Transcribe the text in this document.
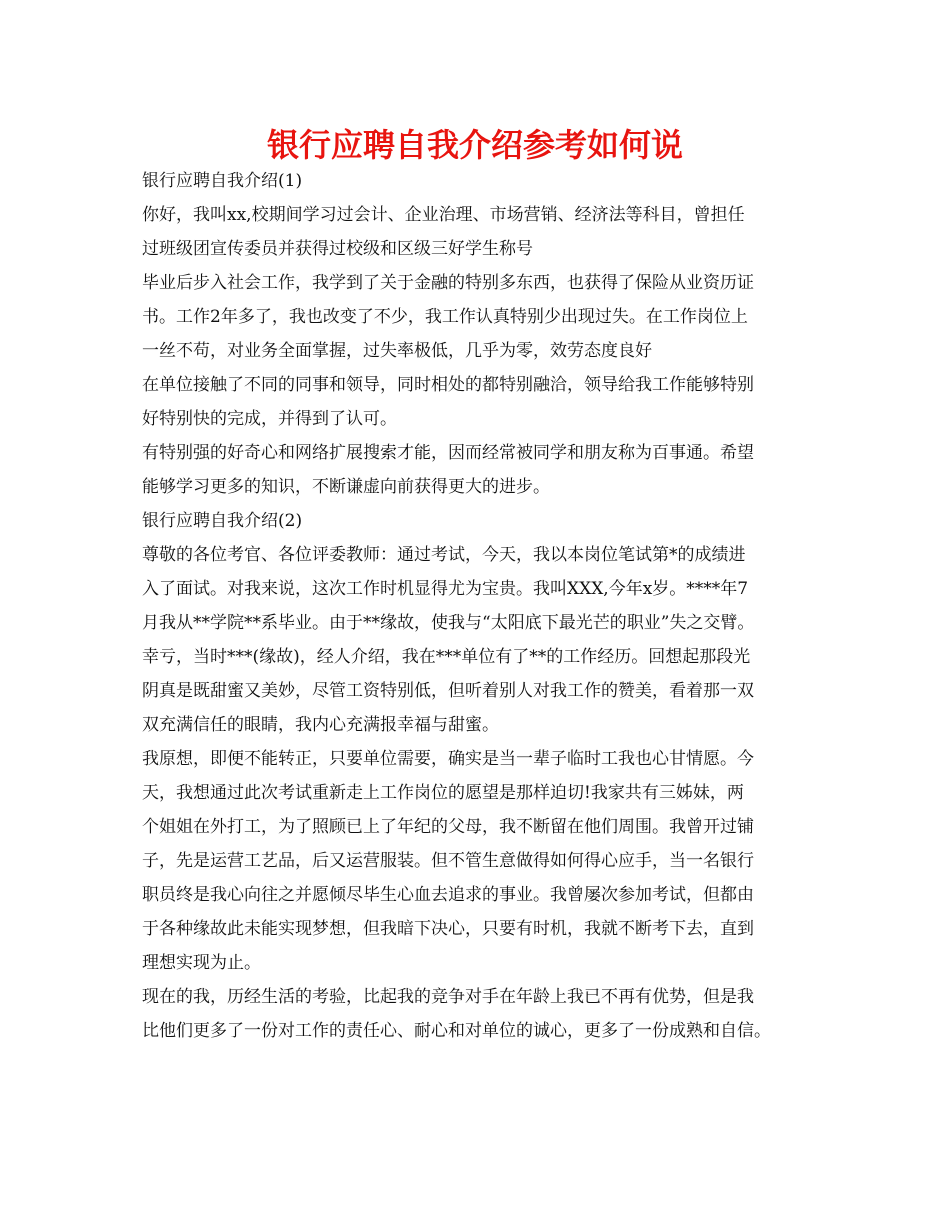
银行应聘自我介绍参考如何说
银行应聘自我介绍(1)
你好，我叫xx,校期间学习过会计、企业治理、市场营销、经济法等科目，曾担任
过班级团宣传委员并获得过校级和区级三好学生称号
毕业后步入社会工作，我学到了关于金融的特别多东西，也获得了保险从业资历证
书。工作2年多了，我也改变了不少，我工作认真特别少出现过失。在工作岗位上
一丝不苟，对业务全面掌握，过失率极低，几乎为零，效劳态度良好
在单位接触了不同的同事和领导，同时相处的都特别融洽，领导给我工作能够特别
好特别快的完成，并得到了认可。
有特别强的好奇心和网络扩展搜索才能，因而经常被同学和朋友称为百事通。希望
能够学习更多的知识，不断谦虚向前获得更大的进步。
银行应聘自我介绍(2)
尊敬的各位考官、各位评委教师：通过考试，今天，我以本岗位笔试第*的成绩进
入了面试。对我来说，这次工作时机显得尤为宝贵。我叫XXX,今年x岁。****年7
月我从**学院**系毕业。由于**缘故，使我与“太阳底下最光芒的职业”失之交臂。
幸亏，当时***(缘故)，经人介绍，我在***单位有了**的工作经历。回想起那段光
阴真是既甜蜜又美妙，尽管工资特别低，但听着别人对我工作的赞美，看着那一双
双充满信任的眼睛，我内心充满报幸福与甜蜜。
我原想，即便不能转正，只要单位需要，确实是当一辈子临时工我也心甘情愿。今
天，我想通过此次考试重新走上工作岗位的愿望是那样迫切!我家共有三姊妹，两
个姐姐在外打工，为了照顾已上了年纪的父母，我不断留在他们周围。我曾开过铺
子，先是运营工艺品，后又运营服装。但不管生意做得如何得心应手，当一名银行
职员终是我心向往之并愿倾尽毕生心血去追求的事业。我曾屡次参加考试，但都由
于各种缘故此未能实现梦想，但我暗下决心，只要有时机，我就不断考下去，直到
理想实现为止。
现在的我，历经生活的考验，比起我的竞争对手在年龄上我已不再有优势，但是我
比他们更多了一份对工作的责任心、耐心和对单位的诚心，更多了一份成熟和自信。
